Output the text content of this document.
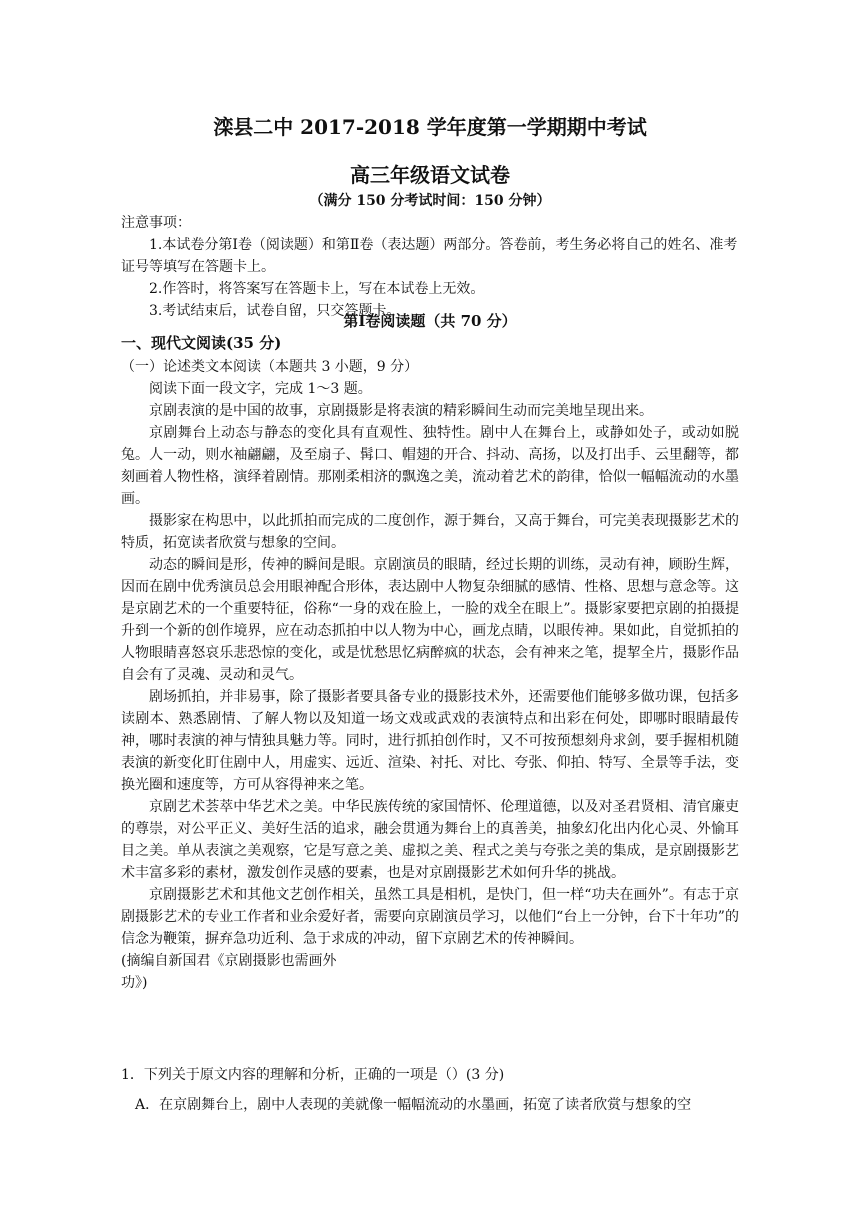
滦县二中 2017-2018 学年度第一学期期中考试
高三年级语文试卷
（满分 150 分考试时间：150 分钟）

注意事项：

1.本试卷分第Ⅰ卷（阅读题）和第Ⅱ卷（表达题）两部分。答卷前，考生务必将自己的姓名、准考证号等填写在答题卡上。

2.作答时，将答案写在答题卡上，写在本试卷上无效。

3.考试结束后，试卷自留，只交答题卡。

第Ⅰ卷阅读题（共 70 分）
一、现代文阅读(35 分)

（一）论述类文本阅读（本题共 3 小题，9 分）

阅读下面一段文字，完成 1～3 题。

京剧表演的是中国的故事，京剧摄影是将表演的精彩瞬间生动而完美地呈现出来。

京剧舞台上动态与静态的变化具有直观性、独特性。剧中人在舞台上，或静如处子，或动如脱兔。人一动，则水袖翩翩，及至扇子、髯口、帽翅的开合、抖动、高扬，以及打出手、云里翻等，都刻画着人物性格，演绎着剧情。那刚柔相济的飘逸之美，流动着艺术的韵律，恰似一幅幅流动的水墨画。

摄影家在构思中，以此抓拍而完成的二度创作，源于舞台，又高于舞台，可完美表现摄影艺术的特质，拓宽读者欣赏与想象的空间。

动态的瞬间是形，传神的瞬间是眼。京剧演员的眼睛，经过长期的训练，灵动有神，顾盼生辉，因而在剧中优秀演员总会用眼神配合形体，表达剧中人物复杂细腻的感情、性格、思想与意念等。这是京剧艺术的一个重要特征，俗称“一身的戏在脸上，一脸的戏全在眼上”。摄影家要把京剧的拍摄提升到一个新的创作境界，应在动态抓拍中以人物为中心，画龙点睛，以眼传神。果如此，自觉抓拍的人物眼睛喜怒哀乐悲恐惊的变化，或是忧愁思忆病醉疯的状态，会有神来之笔，提挈全片，摄影作品自会有了灵魂、灵动和灵气。

剧场抓拍，并非易事，除了摄影者要具备专业的摄影技术外，还需要他们能够多做功课，包括多读剧本、熟悉剧情、了解人物以及知道一场文戏或武戏的表演特点和出彩在何处，即哪时眼睛最传神，哪时表演的神与情独具魅力等。同时，进行抓拍创作时，又不可按预想刻舟求剑，要手握相机随表演的新变化盯住剧中人，用虚实、远近、渲染、衬托、对比、夸张、仰拍、特写、全景等手法，变换光圈和速度等，方可从容得神来之笔。

京剧艺术荟萃中华艺术之美。中华民族传统的家国情怀、伦理道德，以及对圣君贤相、清官廉吏的尊崇，对公平正义、美好生活的追求，融会贯通为舞台上的真善美，抽象幻化出内化心灵、外愉耳目之美。单从表演之美观察，它是写意之美、虚拟之美、程式之美与夸张之美的集成，是京剧摄影艺术丰富多彩的素材，激发创作灵感的要素，也是对京剧摄影艺术如何升华的挑战。

京剧摄影艺术和其他文艺创作相关，虽然工具是相机，是快门，但一样“功夫在画外”。有志于京剧摄影艺术的专业工作者和业余爱好者，需要向京剧演员学习，以他们“台上一分钟，台下十年功”的信念为鞭策，摒弃急功近利、急于求成的冲动，留下京剧艺术的传神瞬间。

(摘编自新国君《京剧摄影也需画外

功》)

1．下列关于原文内容的理解和分析，正确的一项是（）(3 分)
A．在京剧舞台上，剧中人表现的美就像一幅幅流动的水墨画，拓宽了读者欣赏与想象的空
